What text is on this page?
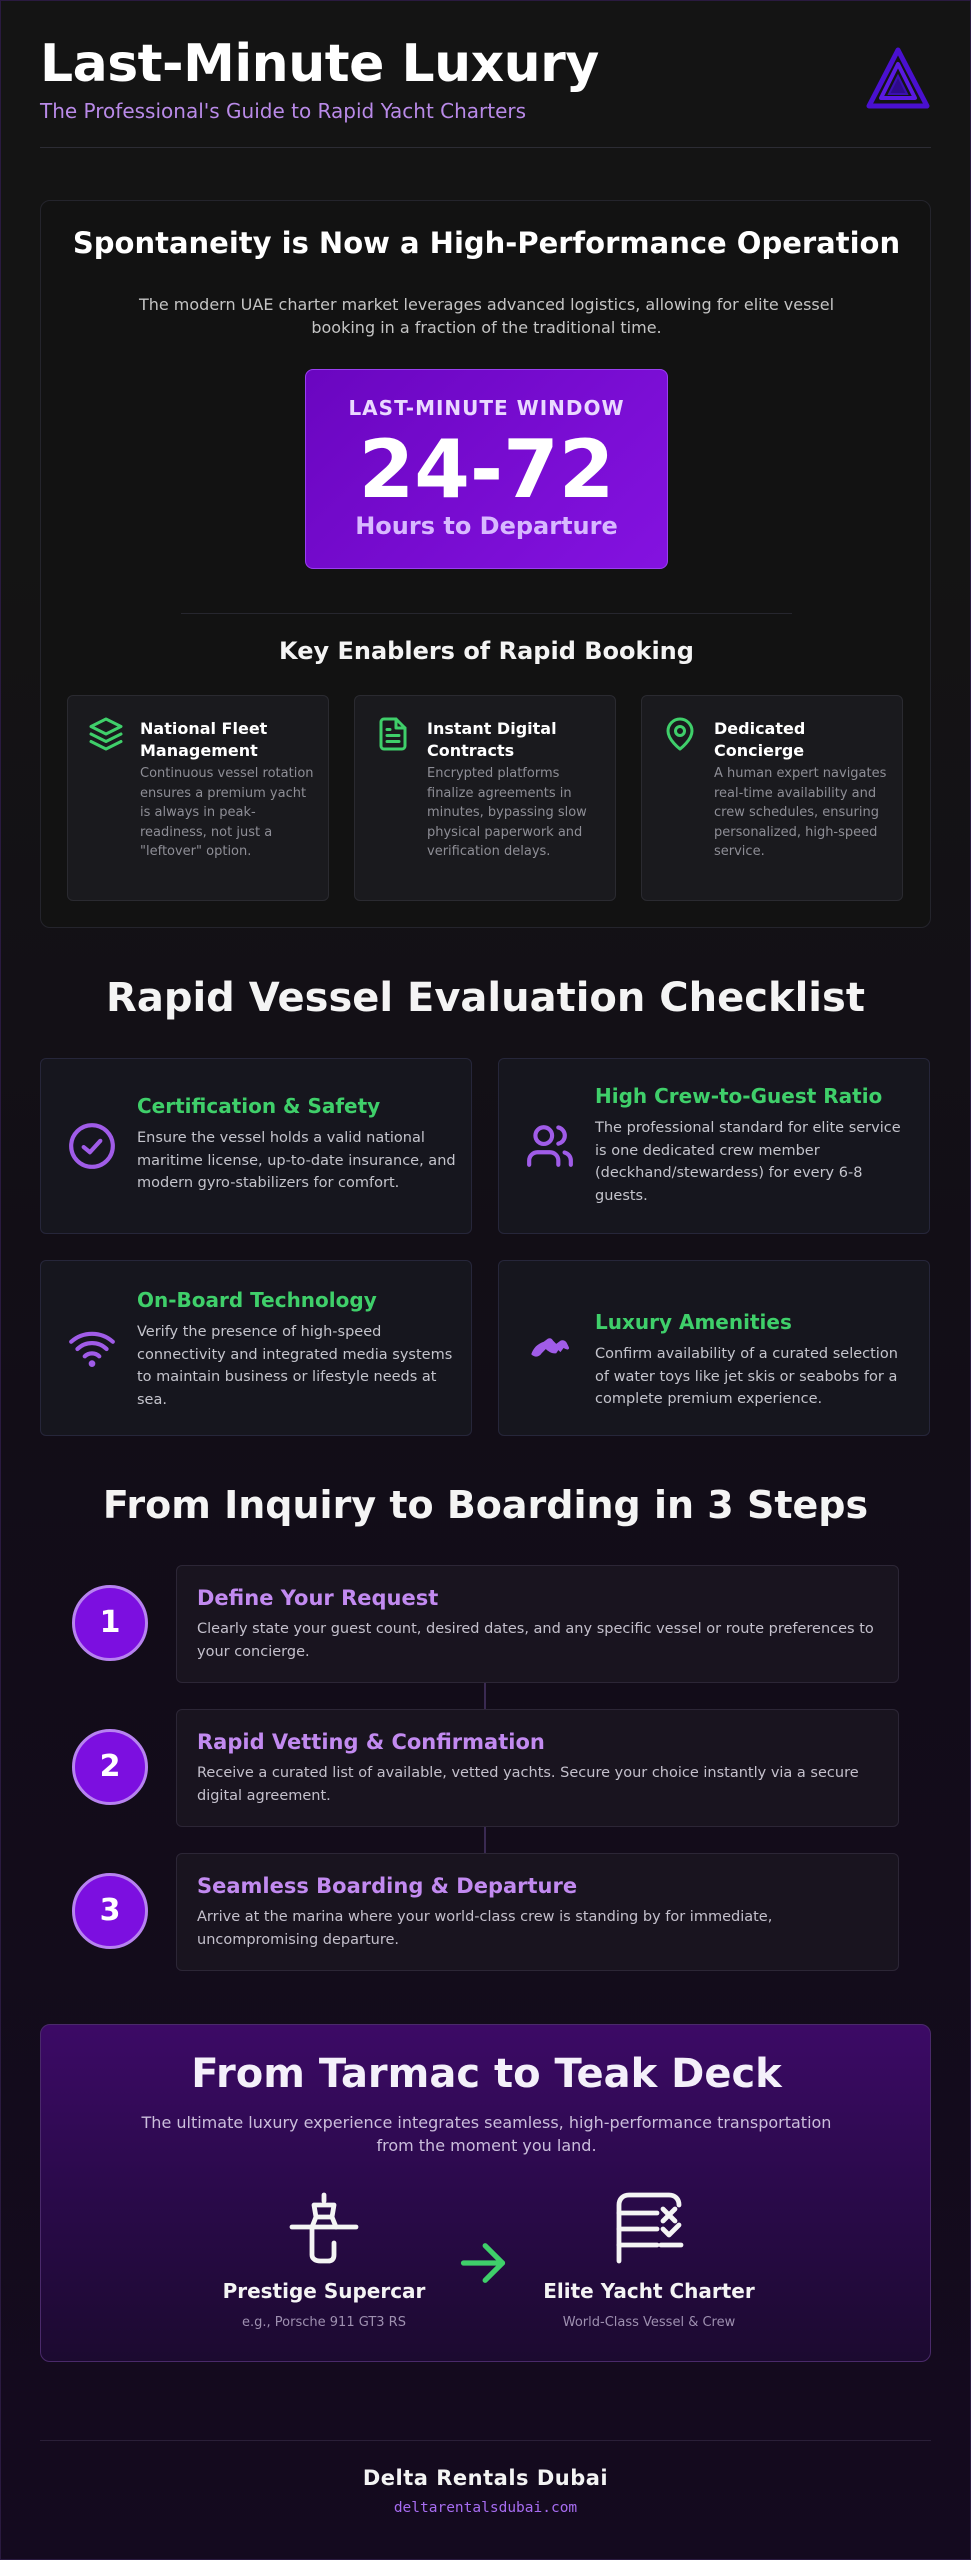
Last-Minute Luxury
The Professional's Guide to Rapid Yacht Charters
Spontaneity is Now a High-Performance Operation
The modern UAE charter market leverages advanced logistics, allowing for elite vessel booking in a fraction of the traditional time.
LAST-MINUTE WINDOW
24-72
Hours to Departure
Key Enablers of Rapid Booking
National Fleet Management
Continuous vessel rotation ensures a premium yacht is always in peak-readiness, not just a "leftover" option.
Instant Digital Contracts
Encrypted platforms finalize agreements in minutes, bypassing slow physical paperwork and verification delays.
Dedicated Concierge
A human expert navigates real-time availability and crew schedules, ensuring personalized, high-speed service.
Rapid Vessel Evaluation Checklist
Certification & Safety
Ensure the vessel holds a valid national maritime license, up-to-date insurance, and modern gyro-stabilizers for comfort.
High Crew-to-Guest Ratio
The professional standard for elite service is one dedicated crew member (deckhand/stewardess) for every 6-8 guests.
On-Board Technology
Verify the presence of high-speed connectivity and integrated media systems to maintain business or lifestyle needs at sea.
Luxury Amenities
Confirm availability of a curated selection of water toys like jet skis or seabobs for a complete premium experience.
From Inquiry to Boarding in 3 Steps
1
Define Your Request
Clearly state your guest count, desired dates, and any specific vessel or route preferences to your concierge.
2
Rapid Vetting & Confirmation
Receive a curated list of available, vetted yachts. Secure your choice instantly via a secure digital agreement.
3
Seamless Boarding & Departure
Arrive at the marina where your world-class crew is standing by for immediate, uncompromising departure.
From Tarmac to Teak Deck
The ultimate luxury experience integrates seamless, high-performance transportation from the moment you land.
Prestige Supercar
e.g., Porsche 911 GT3 RS
Elite Yacht Charter
World-Class Vessel & Crew
Delta Rentals Dubai
deltarentalsdubai.com
